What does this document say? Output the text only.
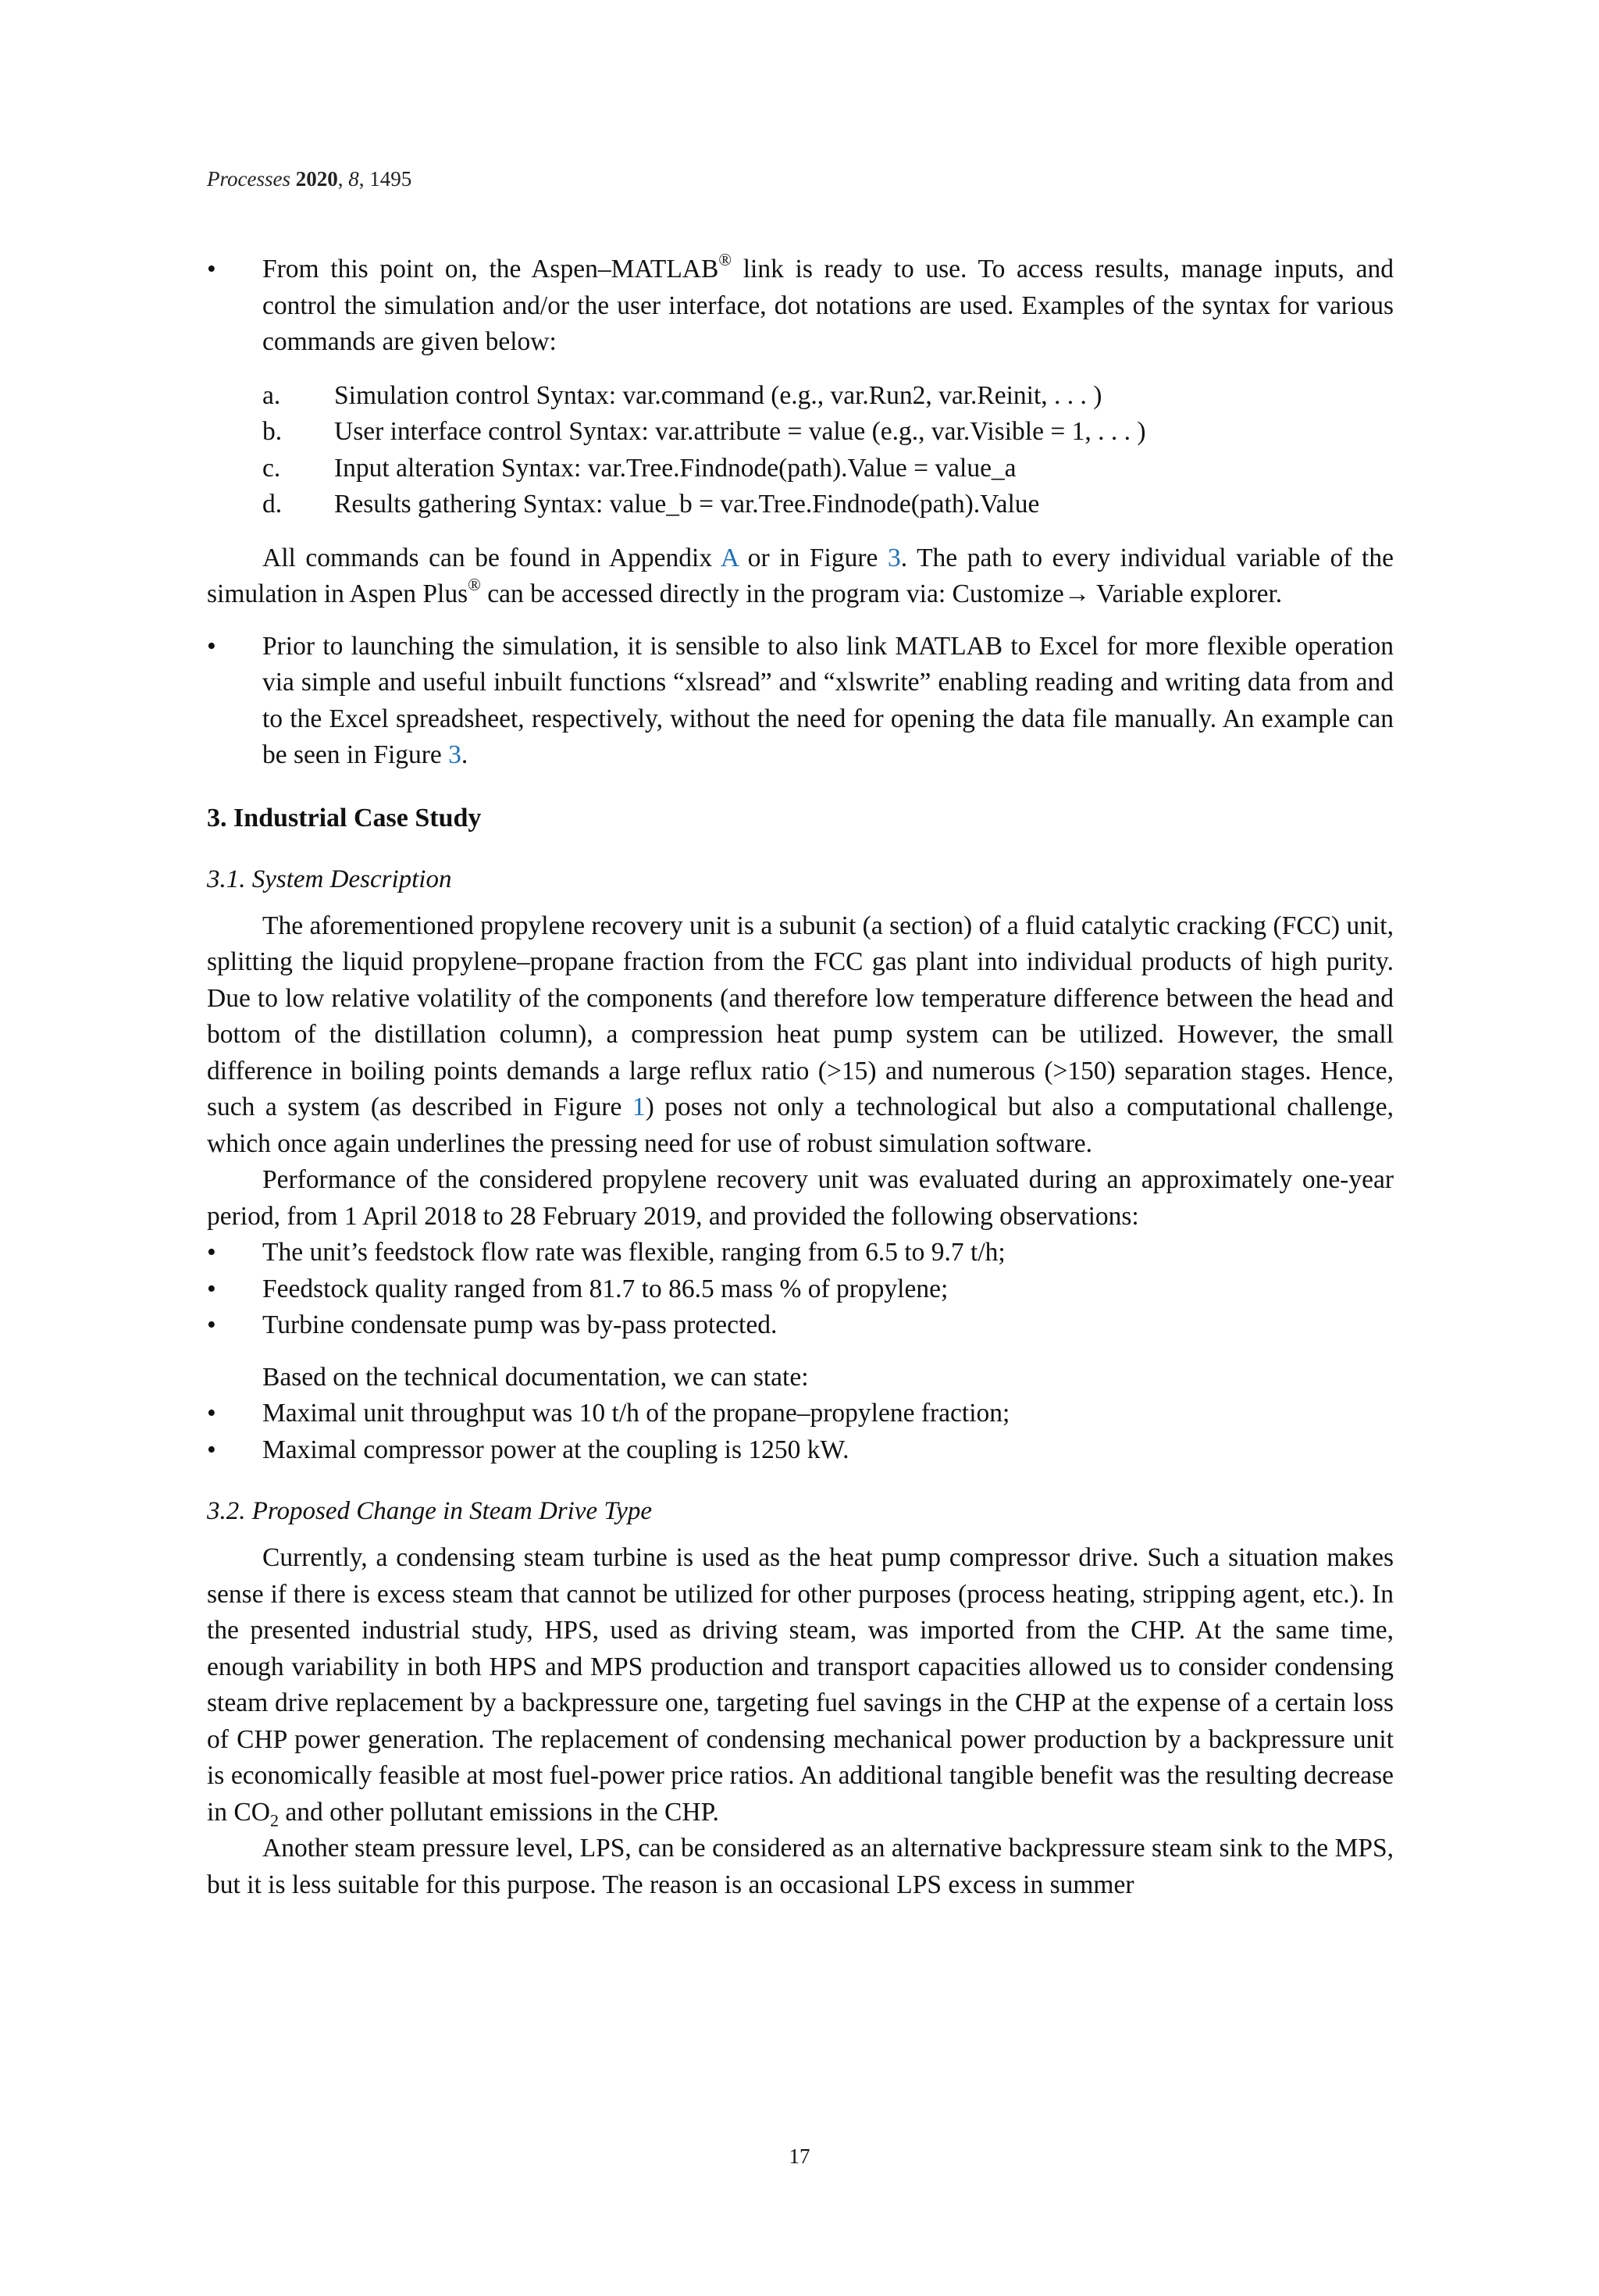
Processes 2020, 8, 1495
• From this point on, the Aspen–MATLAB® link is ready to use. To access results, manage inputs, and control the simulation and/or the user interface, dot notations are used. Examples of the syntax for various commands are given below:
a. Simulation control Syntax: var.command (e.g., var.Run2, var.Reinit, . . . )
b. User interface control Syntax: var.attribute = value (e.g., var.Visible = 1, . . . )
c. Input alteration Syntax: var.Tree.Findnode(path).Value = value_a
d. Results gathering Syntax: value_b = var.Tree.Findnode(path).Value

All commands can be found in Appendix A or in Figure 3. The path to every individual variable of the simulation in Aspen Plus® can be accessed directly in the program via: Customize→ Variable explorer.

• Prior to launching the simulation, it is sensible to also link MATLAB to Excel for more flexible operation via simple and useful inbuilt functions “xlsread” and “xlswrite” enabling reading and writing data from and to the Excel spreadsheet, respectively, without the need for opening the data file manually. An example can be seen in Figure 3.
3. Industrial Case Study
3.1. System Description

The aforementioned propylene recovery unit is a subunit (a section) of a fluid catalytic cracking (FCC) unit, splitting the liquid propylene–propane fraction from the FCC gas plant into individual products of high purity. Due to low relative volatility of the components (and therefore low temperature difference between the head and bottom of the distillation column), a compression heat pump system can be utilized. However, the small difference in boiling points demands a large reflux ratio (>15) and numerous (>150) separation stages. Hence, such a system (as described in Figure 1) poses not only a technological but also a computational challenge, which once again underlines the pressing need for use of robust simulation software.

Performance of the considered propylene recovery unit was evaluated during an approximately one-year period, from 1 April 2018 to 28 February 2019, and provided the following observations:

• The unit’s feedstock flow rate was flexible, ranging from 6.5 to 9.7 t/h;
• Feedstock quality ranged from 81.7 to 86.5 mass % of propylene;
• Turbine condensate pump was by-pass protected.

Based on the technical documentation, we can state:

• Maximal unit throughput was 10 t/h of the propane–propylene fraction;
• Maximal compressor power at the coupling is 1250 kW.
3.2. Proposed Change in Steam Drive Type

Currently, a condensing steam turbine is used as the heat pump compressor drive. Such a situation makes sense if there is excess steam that cannot be utilized for other purposes (process heating, stripping agent, etc.). In the presented industrial study, HPS, used as driving steam, was imported from the CHP. At the same time, enough variability in both HPS and MPS production and transport capacities allowed us to consider condensing steam drive replacement by a backpressure one, targeting fuel savings in the CHP at the expense of a certain loss of CHP power generation. The replacement of condensing mechanical power production by a backpressure unit is economically feasible at most fuel-power price ratios. An additional tangible benefit was the resulting decrease in $CO_2$ and other pollutant emissions in the CHP.

Another steam pressure level, LPS, can be considered as an alternative backpressure steam sink to the MPS, but it is less suitable for this purpose. The reason is an occasional LPS excess in summer

17
